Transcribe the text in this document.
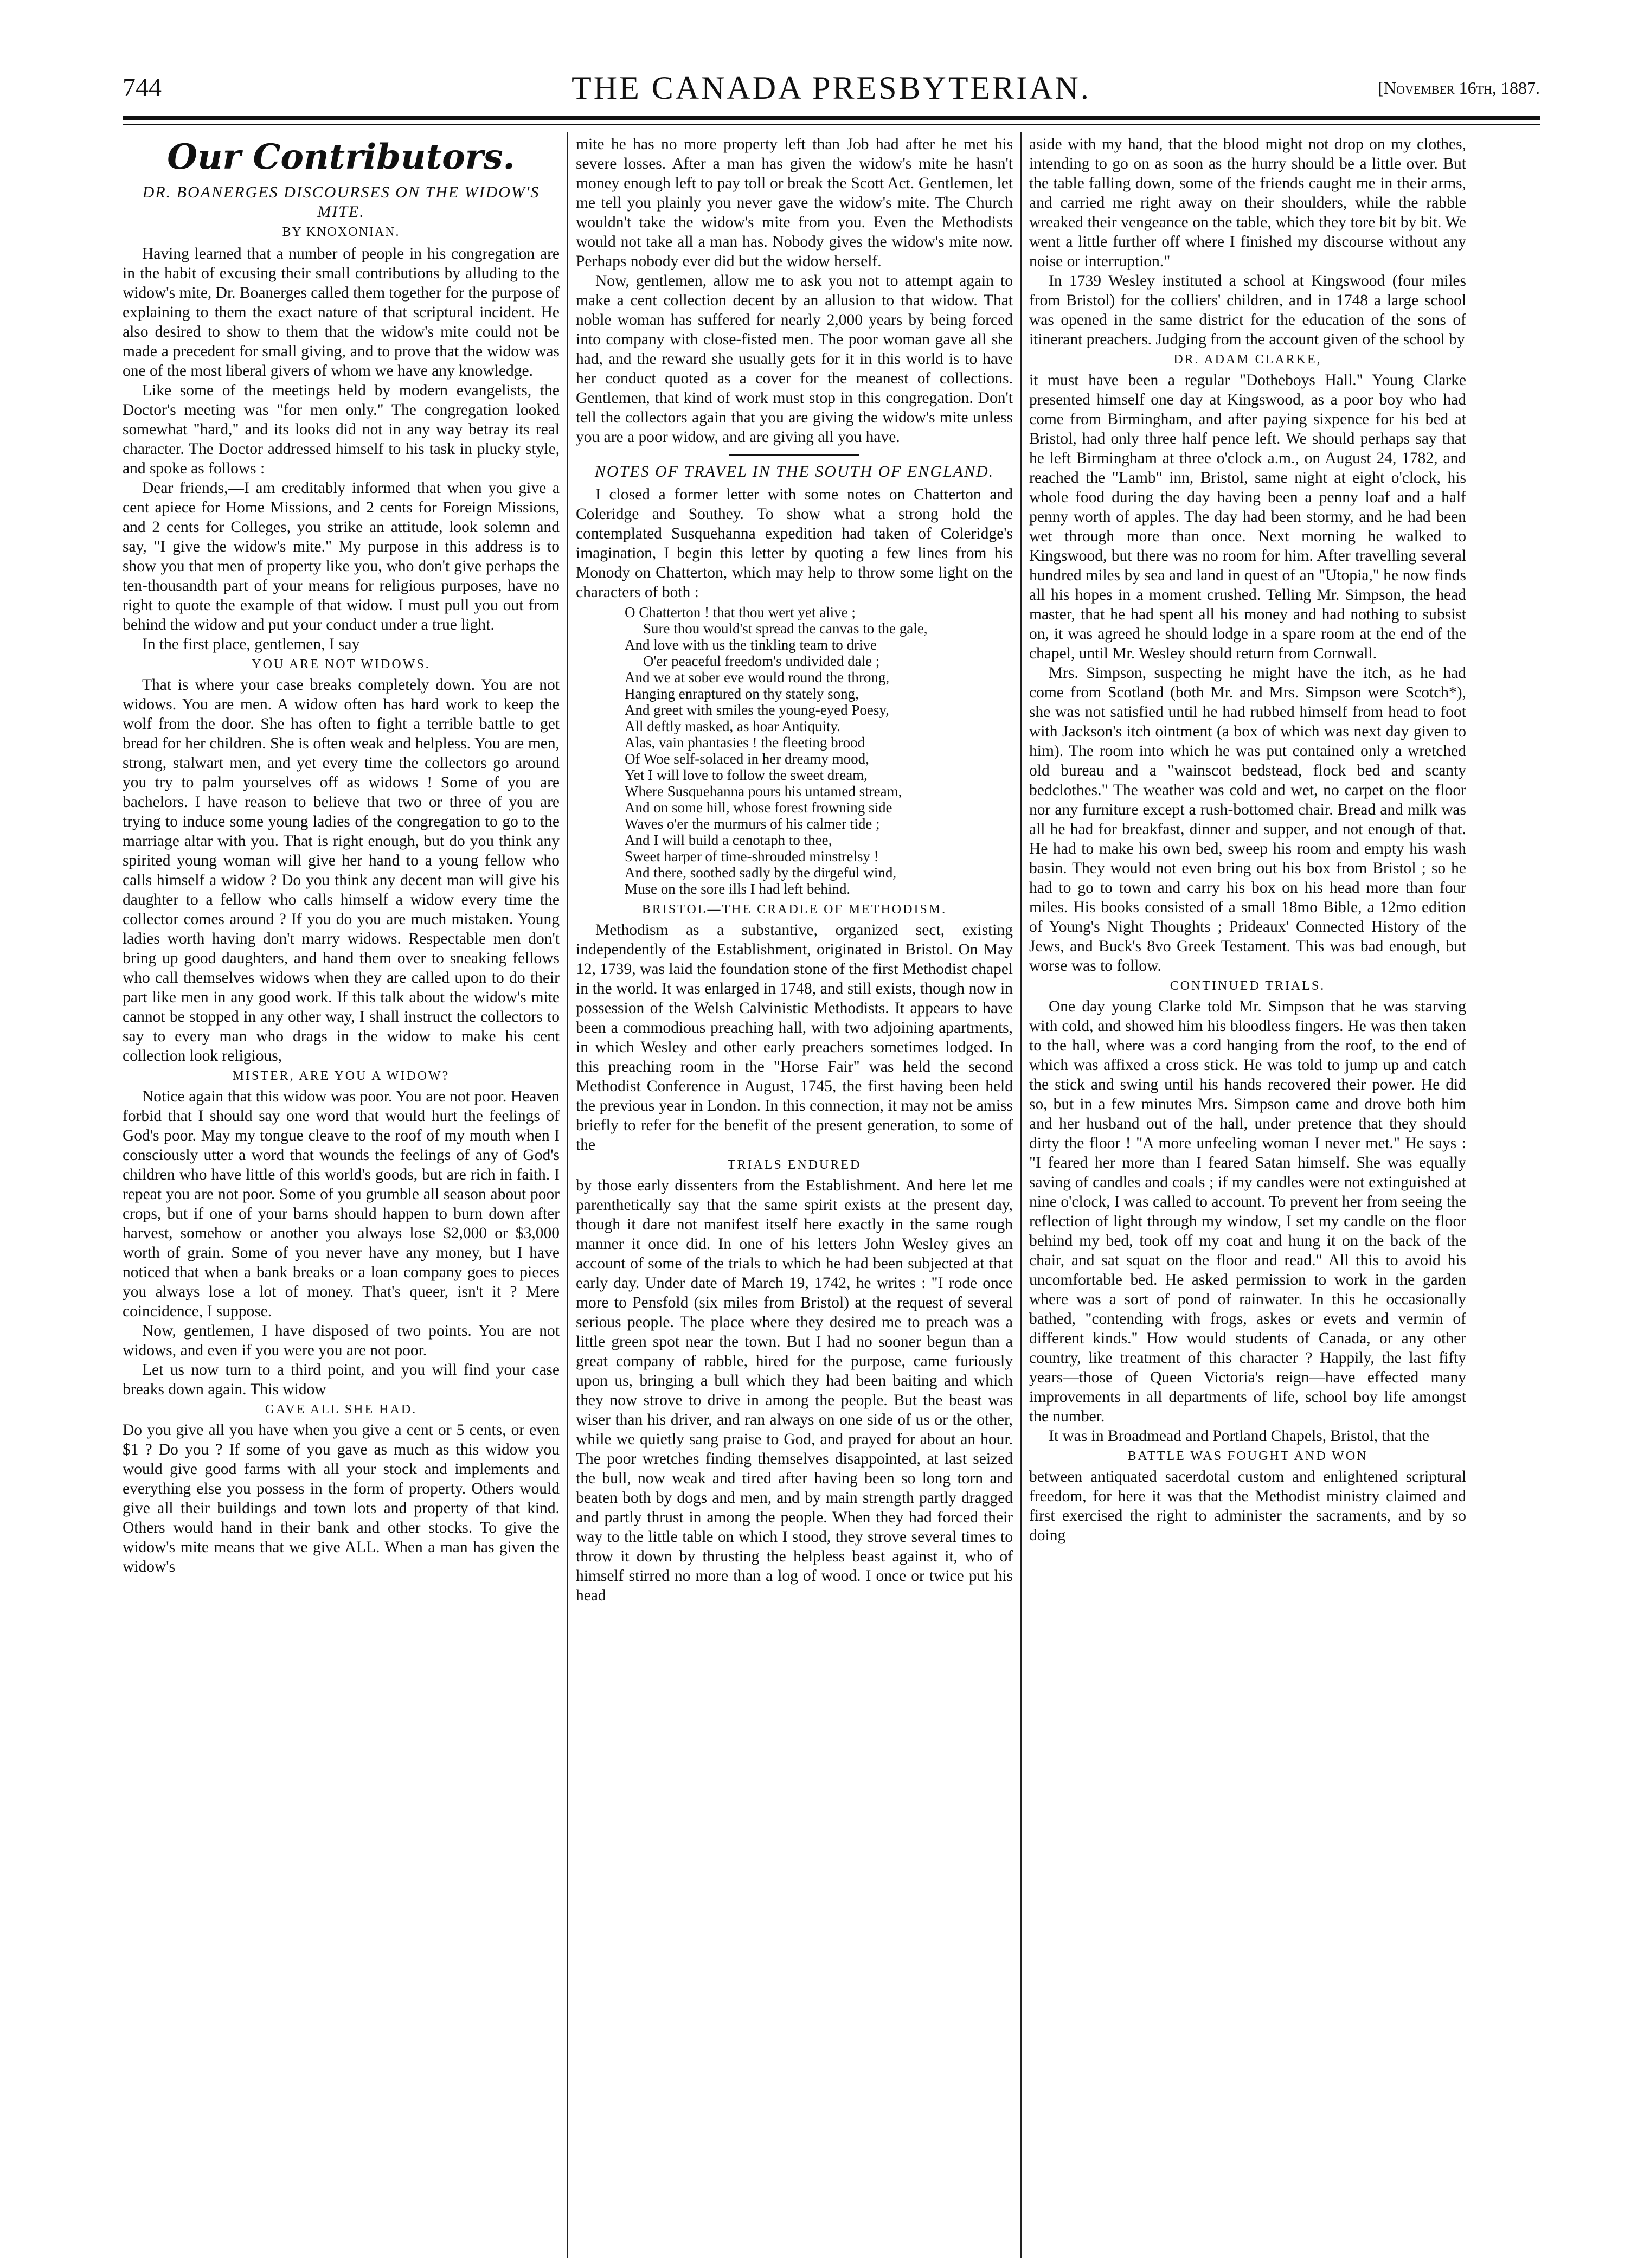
744	THE CANADA PRESBYTERIAN.	[November 16th, 1887.
Our Contributors.
DR. BOANERGES DISCOURSES ON THE WIDOW'S MITE.
BY KNOXONIAN.

Having learned that a number of people in his congregation are in the habit of excusing their small contributions by alluding to the widow's mite, Dr. Boanerges called them together for the purpose of explaining to them the exact nature of that scriptural incident. He also desired to show to them that the widow's mite could not be made a precedent for small giving, and to prove that the widow was one of the most liberal givers of whom we have any knowledge.

Like some of the meetings held by modern evangelists, the Doctor's meeting was "for men only." The congregation looked somewhat "hard," and its looks did not in any way betray its real character. The Doctor addressed himself to his task in plucky style, and spoke as follows :

Dear friends,—I am creditably informed that when you give a cent apiece for Home Missions, and 2 cents for Foreign Missions, and 2 cents for Colleges, you strike an attitude, look solemn and say, "I give the widow's mite." My purpose in this address is to show you that men of property like you, who don't give perhaps the ten-thousandth part of your means for religious purposes, have no right to quote the example of that widow. I must pull you out from behind the widow and put your conduct under a true light.

In the first place, gentlemen, I say

YOU ARE NOT WIDOWS.

That is where your case breaks completely down. You are not widows. You are men. A widow often has hard work to keep the wolf from the door. She has often to fight a terrible battle to get bread for her children. She is often weak and helpless. You are men, strong, stalwart men, and yet every time the collectors go around you try to palm yourselves off as widows ! Some of you are bachelors. I have reason to believe that two or three of you are trying to induce some young ladies of the congregation to go to the marriage altar with you. That is right enough, but do you think any spirited young woman will give her hand to a young fellow who calls himself a widow ? Do you think any decent man will give his daughter to a fellow who calls himself a widow every time the collector comes around ? If you do you are much mistaken. Young ladies worth having don't marry widows. Respectable men don't bring up good daughters, and hand them over to sneaking fellows who call themselves widows when they are called upon to do their part like men in any good work. If this talk about the widow's mite cannot be stopped in any other way, I shall instruct the collectors to say to every man who drags in the widow to make his cent collection look religious,

MISTER, ARE YOU A WIDOW?

Notice again that this widow was poor. You are not poor. Heaven forbid that I should say one word that would hurt the feelings of God's poor. May my tongue cleave to the roof of my mouth when I consciously utter a word that wounds the feelings of any of God's children who have little of this world's goods, but are rich in faith. I repeat you are not poor. Some of you grumble all season about poor crops, but if one of your barns should happen to burn down after harvest, somehow or another you always lose $2,000 or $3,000 worth of grain. Some of you never have any money, but I have noticed that when a bank breaks or a loan company goes to pieces you always lose a lot of money. That's queer, isn't it ? Mere coincidence, I suppose.

Now, gentlemen, I have disposed of two points. You are not widows, and even if you were you are not poor.

Let us now turn to a third point, and you will find your case breaks down again. This widow

GAVE ALL SHE HAD.

Do you give all you have when you give a cent or 5 cents, or even $1 ? Do you ? If some of you gave as much as this widow you would give good farms with all your stock and implements and everything else you possess in the form of property. Others would give all their buildings and town lots and property of that kind. Others would hand in their bank and other stocks. To give the widow's mite means that we give ALL. When a man has given the widow's

mite he has no more property left than Job had after he met his severe losses. After a man has given the widow's mite he hasn't money enough left to pay toll or break the Scott Act. Gentlemen, let me tell you plainly you never gave the widow's mite. The Church wouldn't take the widow's mite from you. Even the Methodists would not take all a man has. Nobody gives the widow's mite now. Perhaps nobody ever did but the widow herself.

Now, gentlemen, allow me to ask you not to attempt again to make a cent collection decent by an allusion to that widow. That noble woman has suffered for nearly 2,000 years by being forced into company with close-fisted men. The poor woman gave all she had, and the reward she usually gets for it in this world is to have her conduct quoted as a cover for the meanest of collections. Gentlemen, that kind of work must stop in this congregation. Don't tell the collectors again that you are giving the widow's mite unless you are a poor widow, and are giving all you have.

NOTES OF TRAVEL IN THE SOUTH OF ENGLAND.

I closed a former letter with some notes on Chatterton and Coleridge and Southey. To show what a strong hold the contemplated Susquehanna expedition had taken of Coleridge's imagination, I begin this letter by quoting a few lines from his Monody on Chatterton, which may help to throw some light on the characters of both :

O Chatterton ! that thou wert yet alive ;

Sure thou would'st spread the canvas to the gale,

And love with us the tinkling team to drive

O'er peaceful freedom's undivided dale ;

And we at sober eve would round the throng,

Hanging enraptured on thy stately song,

And greet with smiles the young-eyed Poesy,

All deftly masked, as hoar Antiquity.

Alas, vain phantasies ! the fleeting brood

Of Woe self-solaced in her dreamy mood,

Yet I will love to follow the sweet dream,

Where Susquehanna pours his untamed stream,

And on some hill, whose forest frowning side

Waves o'er the murmurs of his calmer tide ;

And I will build a cenotaph to thee,

Sweet harper of time-shrouded minstrelsy !

And there, soothed sadly by the dirgeful wind,

Muse on the sore ills I had left behind.

BRISTOL—THE CRADLE OF METHODISM.

Methodism as a substantive, organized sect, existing independently of the Establishment, originated in Bristol. On May 12, 1739, was laid the foundation stone of the first Methodist chapel in the world. It was enlarged in 1748, and still exists, though now in possession of the Welsh Calvinistic Methodists. It appears to have been a commodious preaching hall, with two adjoining apartments, in which Wesley and other early preachers sometimes lodged. In this preaching room in the "Horse Fair" was held the second Methodist Conference in August, 1745, the first having been held the previous year in London. In this connection, it may not be amiss briefly to refer for the benefit of the present generation, to some of the

TRIALS ENDURED

by those early dissenters from the Establishment. And here let me parenthetically say that the same spirit exists at the present day, though it dare not manifest itself here exactly in the same rough manner it once did. In one of his letters John Wesley gives an account of some of the trials to which he had been subjected at that early day. Under date of March 19, 1742, he writes : "I rode once more to Pensfold (six miles from Bristol) at the request of several serious people. The place where they desired me to preach was a little green spot near the town. But I had no sooner begun than a great company of rabble, hired for the purpose, came furiously upon us, bringing a bull which they had been baiting and which they now strove to drive in among the people. But the beast was wiser than his driver, and ran always on one side of us or the other, while we quietly sang praise to God, and prayed for about an hour. The poor wretches finding themselves disappointed, at last seized the bull, now weak and tired after having been so long torn and beaten both by dogs and men, and by main strength partly dragged and partly thrust in among the people. When they had forced their way to the little table on which I stood, they strove several times to throw it down by thrusting the helpless beast against it, who of himself stirred no more than a log of wood. I once or twice put his head

aside with my hand, that the blood might not drop on my clothes, intending to go on as soon as the hurry should be a little over. But the table falling down, some of the friends caught me in their arms, and carried me right away on their shoulders, while the rabble wreaked their vengeance on the table, which they tore bit by bit. We went a little further off where I finished my discourse without any noise or interruption."

In 1739 Wesley instituted a school at Kingswood (four miles from Bristol) for the colliers' children, and in 1748 a large school was opened in the same district for the education of the sons of itinerant preachers. Judging from the account given of the school by

DR. ADAM CLARKE,

it must have been a regular "Dotheboys Hall." Young Clarke presented himself one day at Kingswood, as a poor boy who had come from Birmingham, and after paying sixpence for his bed at Bristol, had only three half pence left. We should perhaps say that he left Birmingham at three o'clock a.m., on August 24, 1782, and reached the "Lamb" inn, Bristol, same night at eight o'clock, his whole food during the day having been a penny loaf and a half penny worth of apples. The day had been stormy, and he had been wet through more than once. Next morning he walked to Kingswood, but there was no room for him. After travelling several hundred miles by sea and land in quest of an "Utopia," he now finds all his hopes in a moment crushed. Telling Mr. Simpson, the head master, that he had spent all his money and had nothing to subsist on, it was agreed he should lodge in a spare room at the end of the chapel, until Mr. Wesley should return from Cornwall.

Mrs. Simpson, suspecting he might have the itch, as he had come from Scotland (both Mr. and Mrs. Simpson were Scotch*), she was not satisfied until he had rubbed himself from head to foot with Jackson's itch ointment (a box of which was next day given to him). The room into which he was put contained only a wretched old bureau and a "wainscot bedstead, flock bed and scanty bedclothes." The weather was cold and wet, no carpet on the floor nor any furniture except a rush-bottomed chair. Bread and milk was all he had for breakfast, dinner and supper, and not enough of that. He had to make his own bed, sweep his room and empty his wash basin. They would not even bring out his box from Bristol ; so he had to go to town and carry his box on his head more than four miles. His books consisted of a small 18mo Bible, a 12mo edition of Young's Night Thoughts ; Prideaux' Connected History of the Jews, and Buck's 8vo Greek Testament. This was bad enough, but worse was to follow.

CONTINUED TRIALS.

One day young Clarke told Mr. Simpson that he was starving with cold, and showed him his bloodless fingers. He was then taken to the hall, where was a cord hanging from the roof, to the end of which was affixed a cross stick. He was told to jump up and catch the stick and swing until his hands recovered their power. He did so, but in a few minutes Mrs. Simpson came and drove both him and her husband out of the hall, under pretence that they should dirty the floor ! "A more unfeeling woman I never met." He says : "I feared her more than I feared Satan himself. She was equally saving of candles and coals ; if my candles were not extinguished at nine o'clock, I was called to account. To prevent her from seeing the reflection of light through my window, I set my candle on the floor behind my bed, took off my coat and hung it on the back of the chair, and sat squat on the floor and read." All this to avoid his uncomfortable bed. He asked permission to work in the garden where was a sort of pond of rainwater. In this he occasionally bathed, "contending with frogs, askes or evets and vermin of different kinds." How would students of Canada, or any other country, like treatment of this character ? Happily, the last fifty years—those of Queen Victoria's reign—have effected many improvements in all departments of life, school boy life amongst the number.

It was in Broadmead and Portland Chapels, Bristol, that the

BATTLE WAS FOUGHT AND WON

between antiquated sacerdotal custom and enlightened scriptural freedom, for here it was that the Methodist ministry claimed and first exercised the right to administer the sacraments, and by so doing
